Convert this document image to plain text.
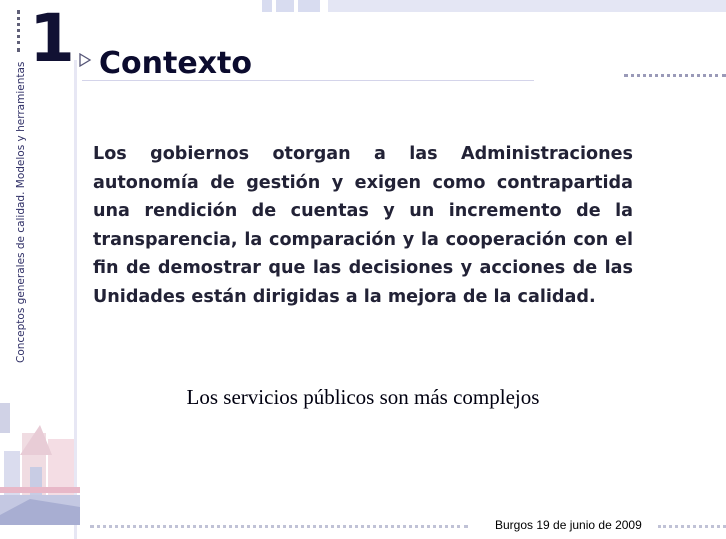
Conceptos generales de calidad. Modelos y herramientas
1 Contexto
Los gobiernos otorgan a las Administraciones autonomía de gestión y exigen como contrapartida una rendición de cuentas y un incremento de la transparencia, la comparación y la cooperación con el fin de demostrar que las decisiones y acciones de las Unidades están dirigidas a la mejora de la calidad.
Los servicios públicos son más complejos
Burgos 19 de junio de 2009
